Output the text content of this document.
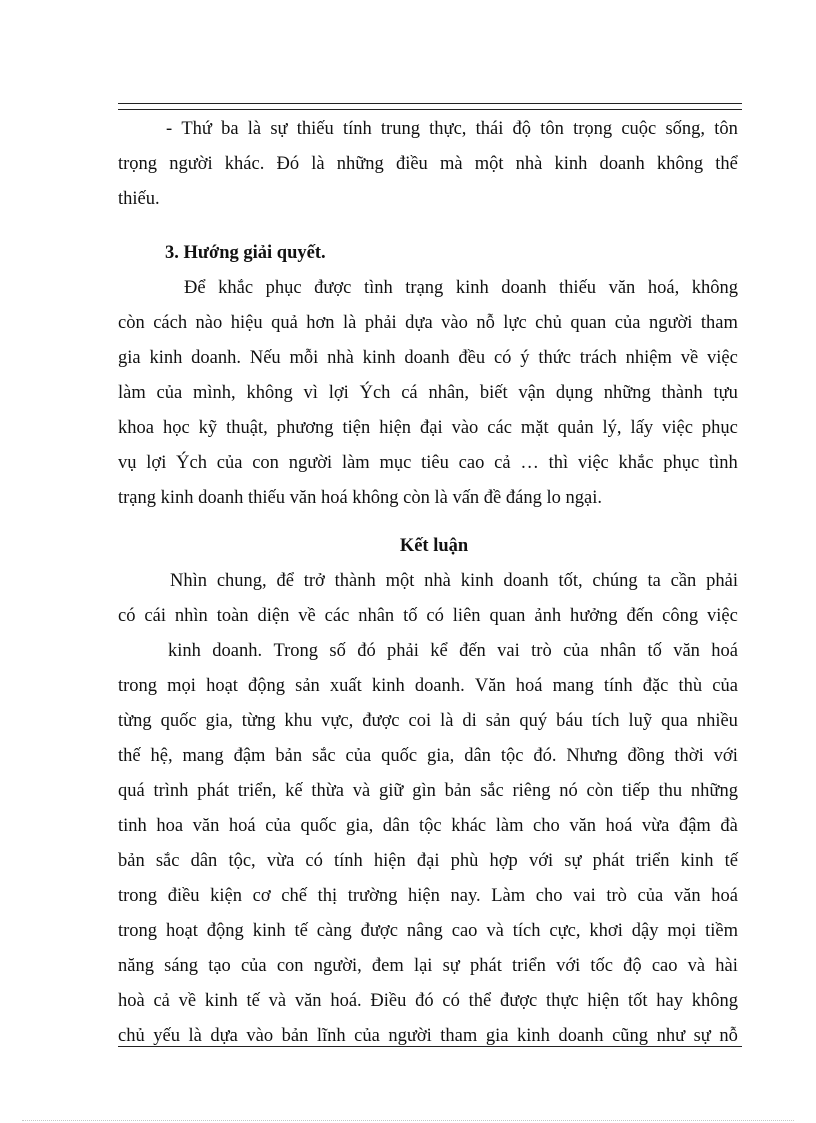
- Thứ ba là sự thiếu tính trung thực, thái độ tôn trọng cuộc sống, tôn
trọng người khác. Đó là những điều mà một nhà kinh doanh không thể
thiếu.

3. Hướng giải quyết.

Để khắc phục được tình trạng kinh doanh thiếu văn hoá, không
còn cách nào hiệu quả hơn là phải dựa vào nỗ lực chủ quan của người tham
gia kinh doanh. Nếu mỗi nhà kinh doanh đều có ý thức trách nhiệm về việc
làm của mình, không vì lợi Ých cá nhân, biết vận dụng những thành tựu
khoa học kỹ thuật, phương tiện hiện đại vào các mặt quản lý, lấy việc phục
vụ lợi Ých của con người làm mục tiêu cao cả … thì việc khắc phục tình
trạng kinh doanh thiếu văn hoá không còn là vấn đề đáng lo ngại.

Kết luận

Nhìn chung, để trở thành một nhà kinh doanh tốt, chúng ta cần phải
có cái nhìn toàn diện về các nhân tố có liên quan ảnh hưởng đến công việc
kinh doanh. Trong số đó phải kể đến vai trò của nhân tố văn hoá
trong mọi hoạt động sản xuất kinh doanh. Văn hoá mang tính đặc thù của
từng quốc gia, từng khu vực, được coi là di sản quý báu tích luỹ qua nhiều
thế hệ, mang đậm bản sắc của quốc gia, dân tộc đó. Nhưng đồng thời với
quá trình phát triển, kế thừa và giữ gìn bản sắc riêng nó còn tiếp thu những
tinh hoa văn hoá của quốc gia, dân tộc khác làm cho văn hoá vừa đậm đà
bản sắc dân tộc, vừa có tính hiện đại phù hợp với sự phát triển kinh tế
trong điều kiện cơ chế thị trường hiện nay. Làm cho vai trò của văn hoá
trong hoạt động kinh tế càng được nâng cao và tích cực, khơi dậy mọi tiềm
năng sáng tạo của con người, đem lại sự phát triển với tốc độ cao và hài
hoà cả về kinh tế và văn hoá. Điều đó có thể được thực hiện tốt hay không
chủ yếu là dựa vào bản lĩnh của người tham gia kinh doanh cũng như sự nỗ
